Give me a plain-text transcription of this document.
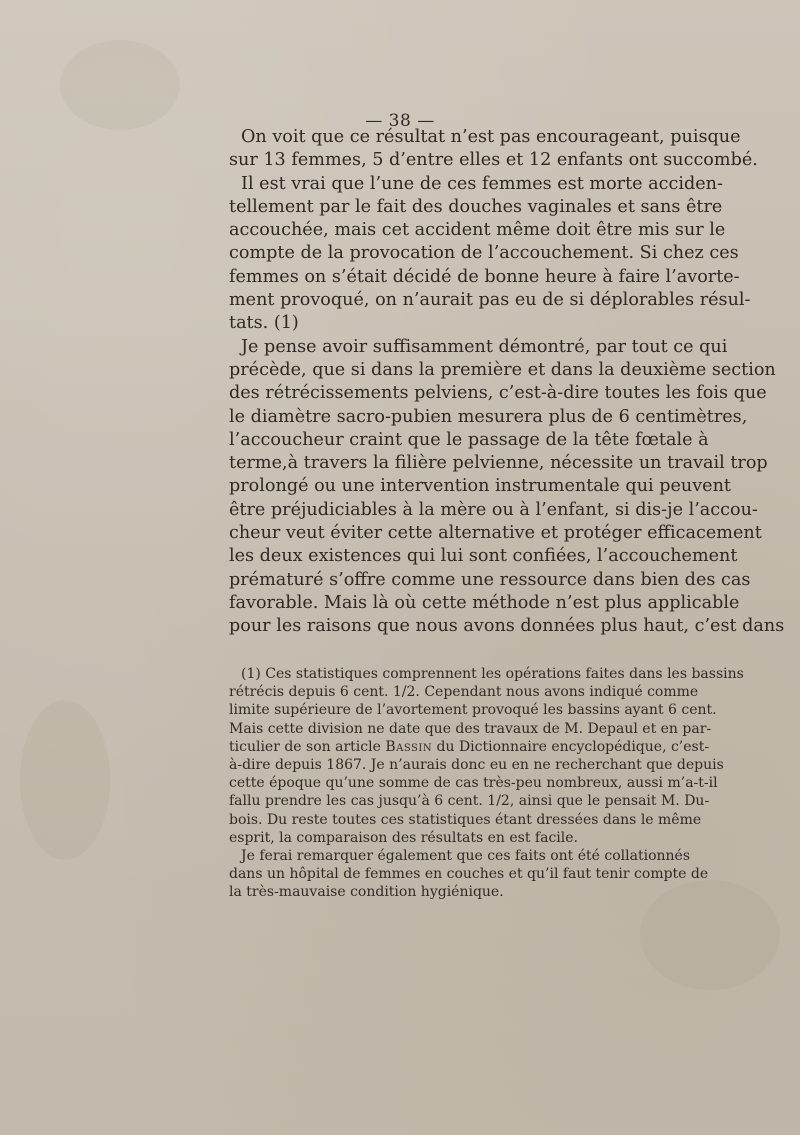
— 38 —

On voit que ce résultat n’est pas encourageant, puisque
sur 13 femmes, 5 d’entre elles et 12 enfants ont succombé.

Il est vrai que l’une de ces femmes est morte acciden-
tellement par le fait des douches vaginales et sans être
accouchée, mais cet accident même doit être mis sur le
compte de la provocation de l’accouchement. Si chez ces
femmes on s’était décidé de bonne heure à faire l’avorte-
ment provoqué, on n’aurait pas eu de si déplorables résul-
tats. (1)

Je pense avoir suffisamment démontré, par tout ce qui
précède, que si dans la première et dans la deuxième section
des rétrécissements pelviens, c’est-à-dire toutes les fois que
le diamètre sacro-pubien mesurera plus de 6 centimètres,
l’accoucheur craint que le passage de la tête fœtale à
terme,à travers la filière pelvienne, nécessite un travail trop
prolongé ou une intervention instrumentale qui peuvent
être préjudiciables à la mère ou à l’enfant, si dis-je l’accou-
cheur veut éviter cette alternative et protéger efficacement
les deux existences qui lui sont confiées, l’accouchement
prématuré s’offre comme une ressource dans bien des cas
favorable. Mais là où cette méthode n’est plus applicable
pour les raisons que nous avons données plus haut, c’est dans

(1) Ces statistiques comprennent les opérations faites dans les bassins
rétrécis depuis 6 cent. 1/2. Cependant nous avons indiqué comme
limite supérieure de l’avortement provoqué les bassins ayant 6 cent.
Mais cette division ne date que des travaux de M. Depaul et en par-
ticulier de son article Bassin du Dictionnaire encyclopédique, c’est-
à-dire depuis 1867. Je n’aurais donc eu en ne recherchant que depuis
cette époque qu’une somme de cas très-peu nombreux, aussi m’a-t-il
fallu prendre les cas jusqu’à 6 cent. 1/2, ainsi que le pensait M. Du-
bois. Du reste toutes ces statistiques étant dressées dans le même
esprit, la comparaison des résultats en est facile.
Je ferai remarquer également que ces faits ont été collationnés
dans un hôpital de femmes en couches et qu’il faut tenir compte de
la très-mauvaise condition hygiénique.
